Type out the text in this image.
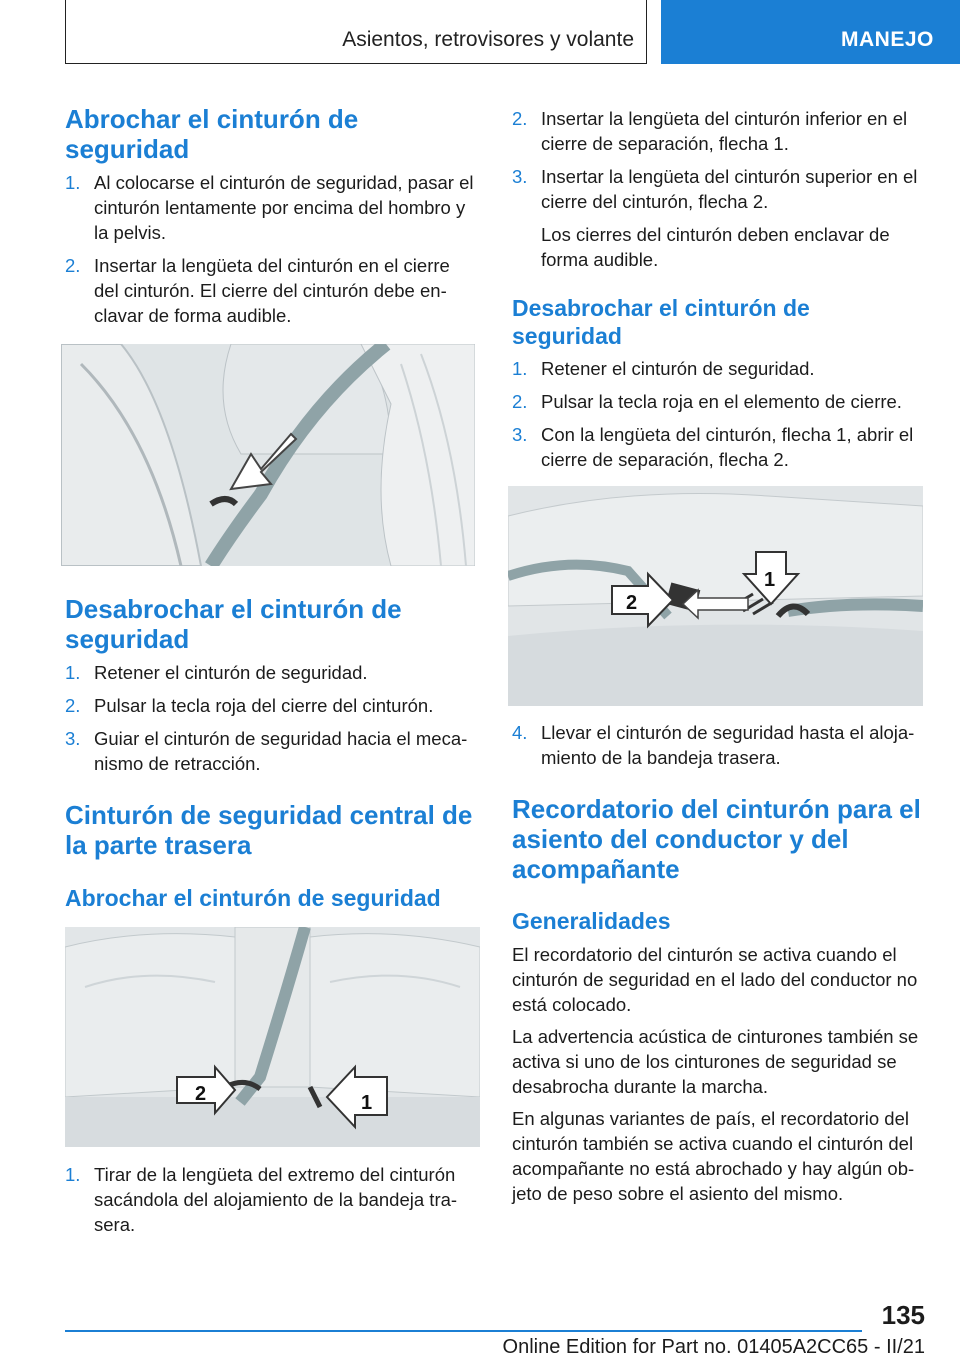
Asientos, retrovisores y volante	MANEJO
Abrochar el cinturón de seguridad
1. Al colocarse el cinturón de seguridad, pasar el cinturón lentamente por encima del hombro y la pelvis.
2. Insertar la lengüeta del cinturón en el cierre del cinturón. El cierre del cinturón debe enclavar de forma audible.
Desabrochar el cinturón de seguridad
1. Retener el cinturón de seguridad.
2. Pulsar la tecla roja del cierre del cinturón.
3. Guiar el cinturón de seguridad hacia el mecanismo de retracción.
Cinturón de seguridad central de la parte trasera
Abrochar el cinturón de seguridad
2	1
1. Tirar de la lengüeta del extremo del cinturón sacándola del alojamiento de la bandeja trasera.
2. Insertar la lengüeta del cinturón inferior en el cierre de separación, flecha 1.
3. Insertar la lengüeta del cinturón superior en el cierre del cinturón, flecha 2.
Los cierres del cinturón deben enclavar de forma audible.
Desabrochar el cinturón de seguridad
1. Retener el cinturón de seguridad.
2. Pulsar la tecla roja en el elemento de cierre.
3. Con la lengüeta del cinturón, flecha 1, abrir el cierre de separación, flecha 2.
1
2
4. Llevar el cinturón de seguridad hasta el alojamiento de la bandeja trasera.
Recordatorio del cinturón para el asiento del conductor y del acompañante
Generalidades

El recordatorio del cinturón se activa cuando el cinturón de seguridad en el lado del conductor no está colocado.

La advertencia acústica de cinturones también se activa si uno de los cinturones de seguridad se desabrocha durante la marcha.

En algunas variantes de país, el recordatorio del cinturón también se activa cuando el cinturón del acompañante no está abrochado y hay algún objeto de peso sobre el asiento del mismo.

135
Online Edition for Part no. 01405A2CC65 - II/21
